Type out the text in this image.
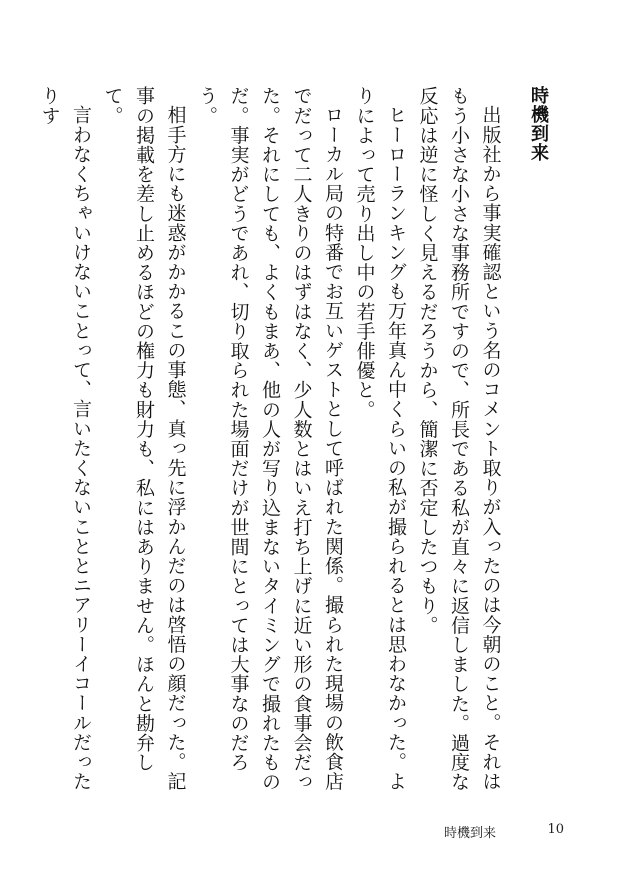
時機到来

出版社から事実確認という名のコメント取りが入ったのは今朝のこと。それはもう小さな小さな事務所ですので、所長である私が直々に返信しました。過度な反応は逆に怪しく見えるだろうから、簡潔に否定したつもり。

ヒーローランキングも万年真ん中くらいの私が撮られるとは思わなかった。よりによって売り出し中の若手俳優と。

ローカル局の特番でお互いゲストとして呼ばれた関係。撮られた現場の飲食店でだって二人きりのはずはなく、少人数とはいえ打ち上げに近い形の食事会だった。それにしても、よくもまあ、他の人が写り込まないタイミングで撮れたものだ。事実がどうであれ、切り取られた場面だけが世間にとっては大事なのだろう。

相手方にも迷惑がかかるこの事態、真っ先に浮かんだのは啓悟の顔だった。記事の掲載を差し止めるほどの権力も財力も、私にはありません。ほんと勘弁して。

言わなくちゃいけないことって、言いたくないこととニアリーイコールだったりす

時機到来	10
